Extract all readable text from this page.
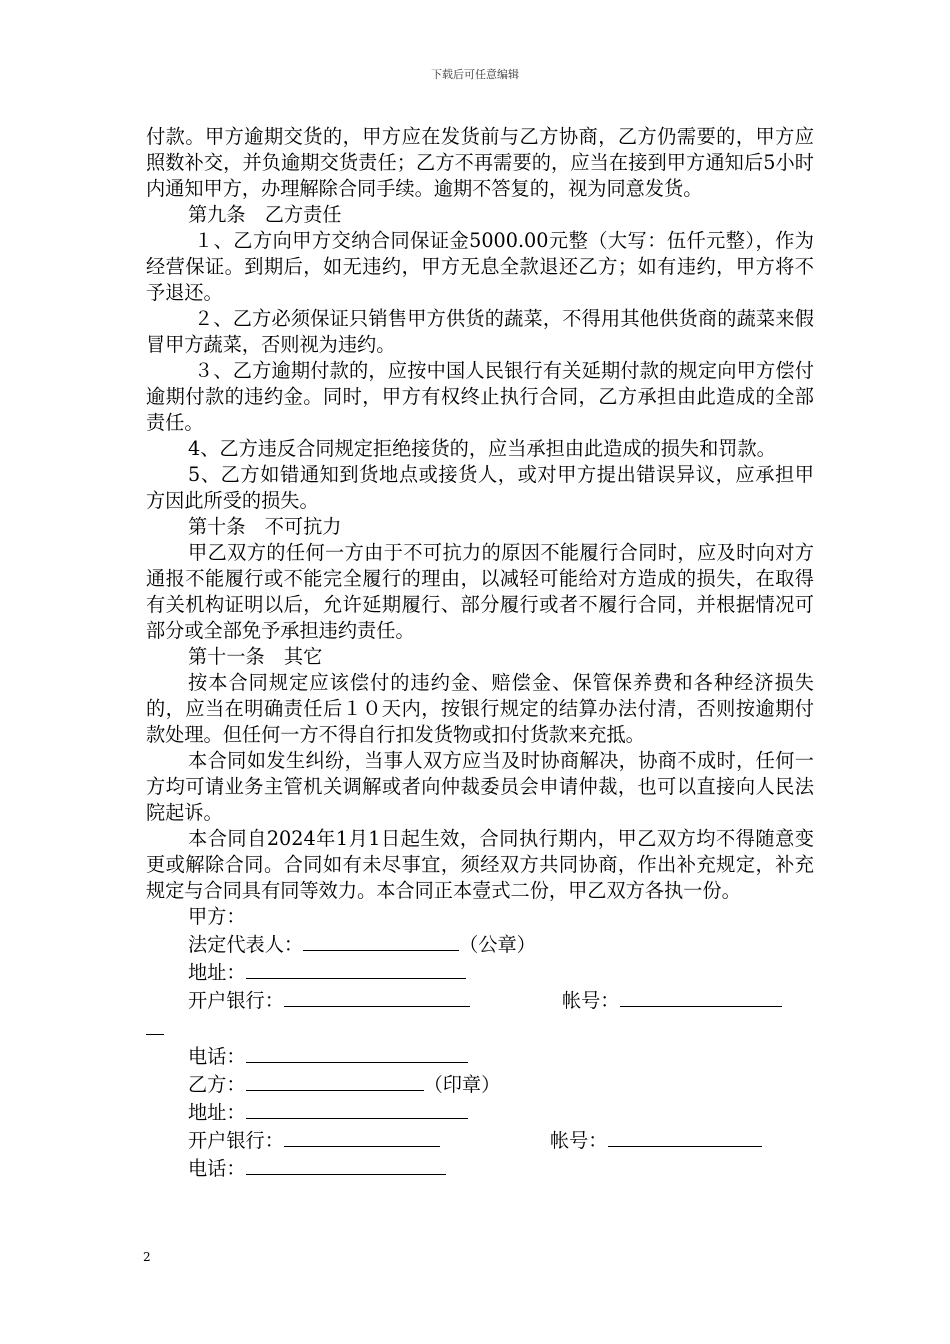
下载后可任意编辑

付款。甲方逾期交货的，甲方应在发货前与乙方协商，乙方仍需要的，甲方应照数补交，并负逾期交货责任；乙方不再需要的，应当在接到甲方通知后5小时内通知甲方，办理解除合同手续。逾期不答复的，视为同意发货。

第九条　乙方责任

１、乙方向甲方交纳合同保证金5000.00元整（大写：伍仟元整），作为经营保证。到期后，如无违约，甲方无息全款退还乙方；如有违约，甲方将不予退还。

２、乙方必须保证只销售甲方供货的蔬菜，不得用其他供货商的蔬菜来假冒甲方蔬菜，否则视为违约。

３、乙方逾期付款的，应按中国人民银行有关延期付款的规定向甲方偿付逾期付款的违约金。同时，甲方有权终止执行合同，乙方承担由此造成的全部责任。

4、乙方违反合同规定拒绝接货的，应当承担由此造成的损失和罚款。

5、乙方如错通知到货地点或接货人，或对甲方提出错误异议，应承担甲方因此所受的损失。

第十条　不可抗力

甲乙双方的任何一方由于不可抗力的原因不能履行合同时，应及时向对方通报不能履行或不能完全履行的理由，以减轻可能给对方造成的损失，在取得有关机构证明以后，允许延期履行、部分履行或者不履行合同，并根据情况可部分或全部免予承担违约责任。

第十一条　其它

按本合同规定应该偿付的违约金、赔偿金、保管保养费和各种经济损失的，应当在明确责任后１０天内，按银行规定的结算办法付清，否则按逾期付款处理。但任何一方不得自行扣发货物或扣付货款来充抵。

本合同如发生纠纷，当事人双方应当及时协商解决，协商不成时，任何一方均可请业务主管机关调解或者向仲裁委员会申请仲裁，也可以直接向人民法院起诉。

本合同自2024年1月1日起生效，合同执行期内，甲乙双方均不得随意变更或解除合同。合同如有未尽事宜，须经双方共同协商，作出补充规定，补充规定与合同具有同等效力。本合同正本壹式二份，甲乙双方各执一份。

甲方：
法定代表人：	（公章）
地址：
开户银行：	帐号：
电话：
乙方：	（印章）
地址：
开户银行：	帐号：
电话：
2
